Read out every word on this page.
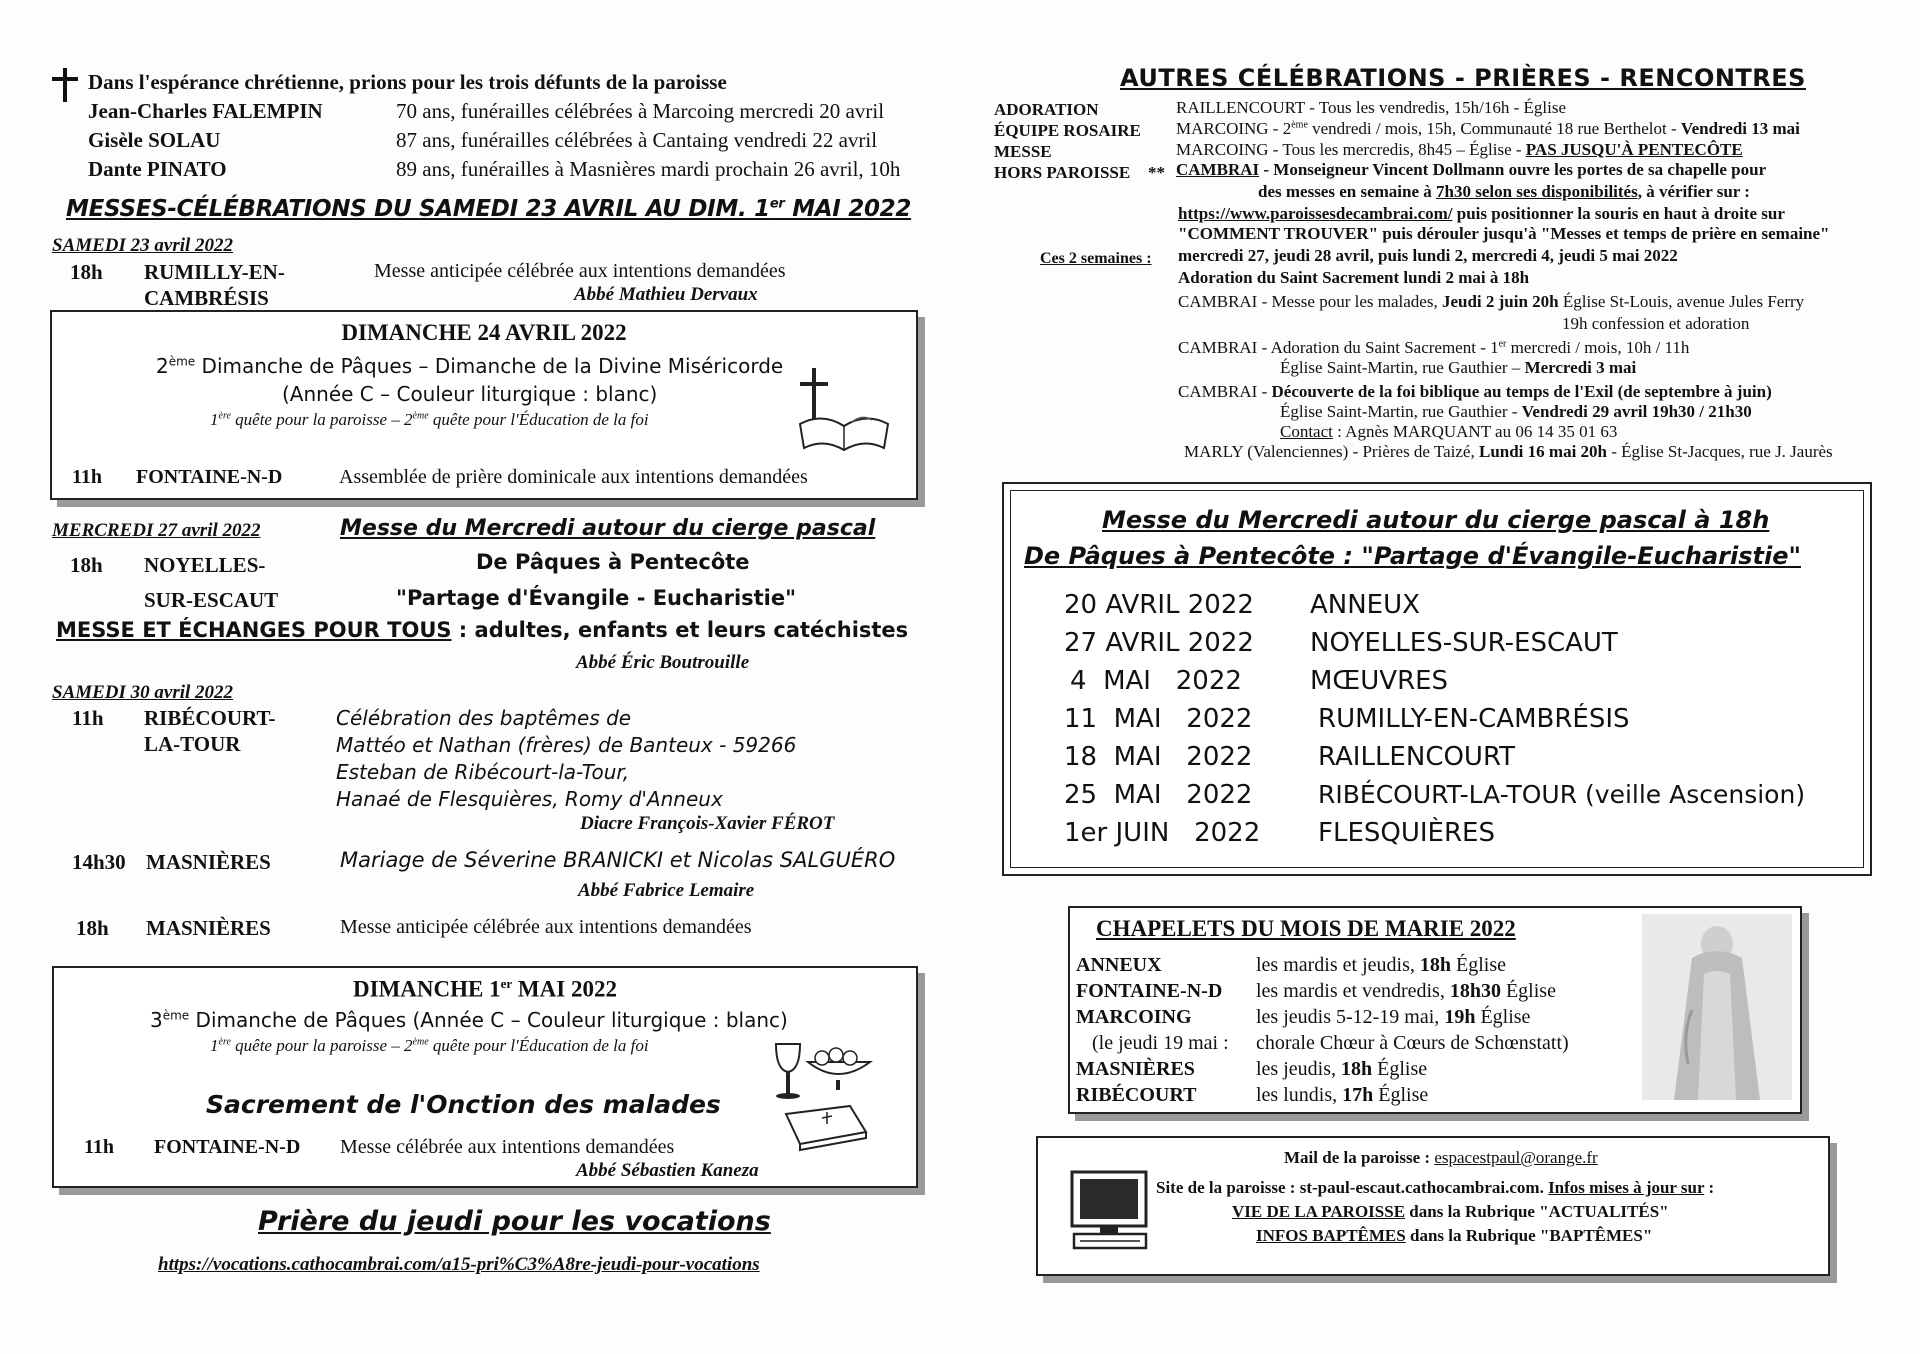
Dans l'espérance chrétienne, prions pour les trois défunts de la paroisse
Jean-Charles FALEMPIN	70 ans, funérailles célébrées à Marcoing mercredi 20 avril
Gisèle SOLAU	87 ans, funérailles célébrées à Cantaing vendredi 22 avril
Dante PINATO	89 ans, funérailles à Masnières mardi prochain 26 avril, 10h
MESSES-CÉLÉBRATIONS DU SAMEDI 23 AVRIL AU DIM. 1er MAI 2022
SAMEDI 23 avril 2022
18h RUMILLY-EN-
CAMBRÉSIS
Messe anticipée célébrée aux intentions demandées
Abbé Mathieu Dervaux
DIMANCHE 24 AVRIL 2022
2ème Dimanche de Pâques – Dimanche de la Divine Miséricorde
(Année C – Couleur liturgique : blanc)
1ère quête pour la paroisse – 2ème quête pour l'Éducation de la foi
11h FONTAINE-N-D	Assemblée de prière dominicale aux intentions demandées
MERCREDI 27 avril 2022	Messe du Mercredi autour du cierge pascal
18h NOYELLES-
SUR-ESCAUT
De Pâques à Pentecôte
"Partage d'Évangile - Eucharistie"
MESSE ET ÉCHANGES POUR TOUS : adultes, enfants et leurs catéchistes
Abbé Éric Boutrouille
SAMEDI 30 avril 2022
11h RIBÉCOURT-
LA-TOUR
Célébration des baptêmes de
Mattéo et Nathan (frères) de Banteux - 59266
Esteban de Ribécourt-la-Tour,
Hanaé de Flesquières, Romy d'Anneux
Diacre François-Xavier FÉROT
14h30 MASNIÈRES	Mariage de Séverine BRANICKI et Nicolas SALGUÉRO
Abbé Fabrice Lemaire
18h MASNIÈRES	Messe anticipée célébrée aux intentions demandées
DIMANCHE 1er MAI 2022
3ème Dimanche de Pâques (Année C – Couleur liturgique : blanc)
1ère quête pour la paroisse – 2ème quête pour l'Éducation de la foi
Sacrement de l'Onction des malades
11h FONTAINE-N-D Messe célébrée aux intentions demandées
Abbé Sébastien Kaneza
Prière du jeudi pour les vocations
https://vocations.cathocambrai.com/a15-pri%C3%A8re-jeudi-pour-vocations
AUTRES CÉLÉBRATIONS - PRIÈRES - RENCONTRES
ADORATION	RAILLENCOURT - Tous les vendredis, 15h/16h - Église
ÉQUIPE ROSAIRE MARCOING - 2ème vendredi / mois, 15h, Communauté 18 rue Berthelot - Vendredi 13 mai
MESSE	MARCOING - Tous les mercredis, 8h45 – Église - PAS JUSQU'À PENTECÔTE
HORS PAROISSE ** CAMBRAI - Monseigneur Vincent Dollmann ouvre les portes de sa chapelle pour
des messes en semaine à 7h30 selon ses disponibilités, à vérifier sur :
https://www.paroissesdecambrai.com/ puis positionner la souris en haut à droite sur
"COMMENT TROUVER" puis dérouler jusqu'à "Messes et temps de prière en semaine"
Ces 2 semaines : mercredi 27, jeudi 28 avril, puis lundi 2, mercredi 4, jeudi 5 mai 2022
Adoration du Saint Sacrement lundi 2 mai à 18h
CAMBRAI - Messe pour les malades, Jeudi 2 juin 20h Église St-Louis, avenue Jules Ferry
19h confession et adoration
CAMBRAI - Adoration du Saint Sacrement - 1er mercredi / mois, 10h / 11h
Église Saint-Martin, rue Gauthier – Mercredi 3 mai
CAMBRAI - Découverte de la foi biblique au temps de l'Exil (de septembre à juin)
Église Saint-Martin, rue Gauthier - Vendredi 29 avril 19h30 / 21h30
Contact : Agnès MARQUANT au 06 14 35 01 63
MARLY (Valenciennes) - Prières de Taizé, Lundi 16 mai 20h - Église St-Jacques, rue J. Jaurès
Messe du Mercredi autour du cierge pascal à 18h
De Pâques à Pentecôte : "Partage d'Évangile-Eucharistie"
20 AVRIL 2022 ANNEUX
27 AVRIL 2022 NOYELLES-SUR-ESCAUT
4  MAI   2022	MŒUVRES
11  MAI   2022	RUMILLY-EN-CAMBRÉSIS
18  MAI   2022	RAILLENCOURT
25  MAI   2022	RIBÉCOURT-LA-TOUR (veille Ascension)
1er JUIN   2022 FLESQUIÈRES
CHAPELETS DU MOIS DE MARIE 2022
ANNEUX	les mardis et jeudis, 18h Église
FONTAINE-N-D les mardis et vendredis, 18h30 Église
MARCOING	les jeudis 5-12-19 mai, 19h Église
(le jeudi 19 mai : chorale Chœur à Cœurs de Schœnstatt)
MASNIÈRES	les jeudis, 18h Église
RIBÉCOURT	les lundis, 17h Église
Mail de la paroisse : espacestpaul@orange.fr
Site de la paroisse : st-paul-escaut.cathocambrai.com. Infos mises à jour sur :
VIE DE LA PAROISSE dans la Rubrique "ACTUALITÉS"
INFOS BAPTÊMES dans la Rubrique "BAPTÊMES"
